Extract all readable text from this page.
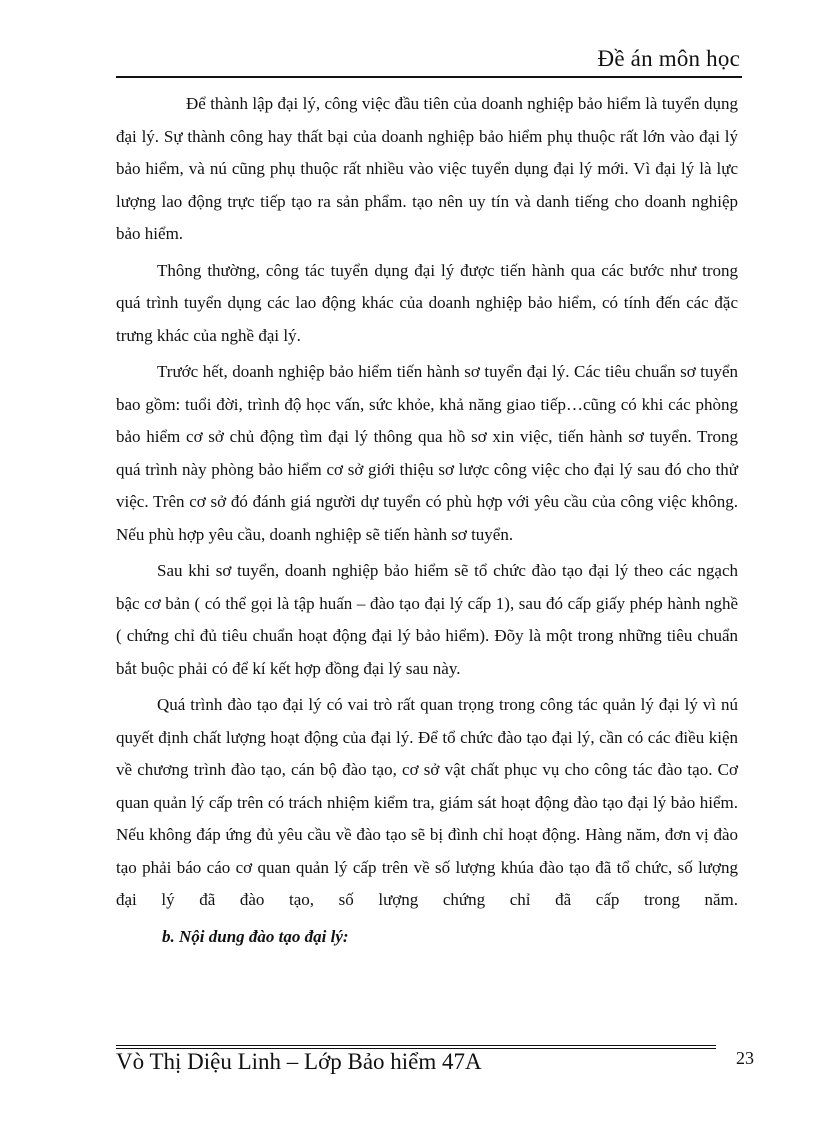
Đề án môn học

Để thành lập đại lý, công việc đầu tiên của doanh nghiệp bảo hiểm là tuyển dụng đại lý. Sự thành công hay thất bại của doanh nghiệp bảo hiểm phụ thuộc rất lớn vào đại lý bảo hiểm, và nú cũng phụ thuộc rất nhiều vào việc tuyển dụng đại lý mới. Vì đại lý là lực lượng lao động trực tiếp tạo ra sản phẩm. tạo nên uy tín và danh tiếng cho doanh nghiệp bảo hiểm.

Thông thường, công tác tuyển dụng đại lý được tiến hành qua các bước như trong quá trình tuyển dụng các lao động khác của doanh nghiệp bảo hiểm, có tính đến các đặc trưng khác của nghề đại lý.

Trước hết, doanh nghiệp bảo hiểm tiến hành sơ tuyển đại lý. Các tiêu chuẩn sơ tuyển bao gồm: tuổi đời, trình độ học vấn, sức khỏe, khả năng giao tiếp…cũng có khi các phòng bảo hiểm cơ sở chủ động tìm đại lý thông qua hồ sơ xin việc, tiến hành sơ tuyển. Trong quá trình này phòng bảo hiểm cơ sở giới thiệu sơ lược công việc cho đại lý sau đó cho thử việc. Trên cơ sở đó đánh giá người dự tuyển có phù hợp với yêu cầu của công việc không. Nếu phù hợp yêu cầu, doanh nghiệp sẽ tiến hành sơ tuyển.

Sau khi sơ tuyển, doanh nghiệp bảo hiểm sẽ tổ chức đào tạo đại lý theo các ngạch bậc cơ bản ( có thể gọi là tập huấn – đào tạo đại lý cấp 1), sau đó cấp giấy phép hành nghề ( chứng chỉ đủ tiêu chuẩn hoạt động đại lý bảo hiểm). Đõy là một trong những tiêu chuẩn bắt buộc phải có để kí kết hợp đồng đại lý sau này.

Quá trình đào tạo đại lý có vai trò rất quan trọng trong công tác quản lý đại lý vì nú quyết định chất lượng hoạt động của đại lý. Để tổ chức đào tạo đại lý, cần có các điều kiện về chương trình đào tạo, cán bộ đào tạo, cơ sở vật chất phục vụ cho công tác đào tạo. Cơ quan quản lý cấp trên có trách nhiệm kiểm tra, giám sát hoạt động đào tạo đại lý bảo hiểm. Nếu không đáp ứng đủ yêu cầu về đào tạo sẽ bị đình chỉ hoạt động. Hàng năm, đơn vị đào tạo phải báo cáo cơ quan quản lý cấp trên về số lượng khúa đào tạo đã tổ chức, số lượng đại lý đã đào tạo, số lượng chứng chỉ đã cấp trong năm.

b. Nội dung đào tạo đại lý:

Vò Thị Diệu Linh – Lớp Bảo hiểm 47A	23
